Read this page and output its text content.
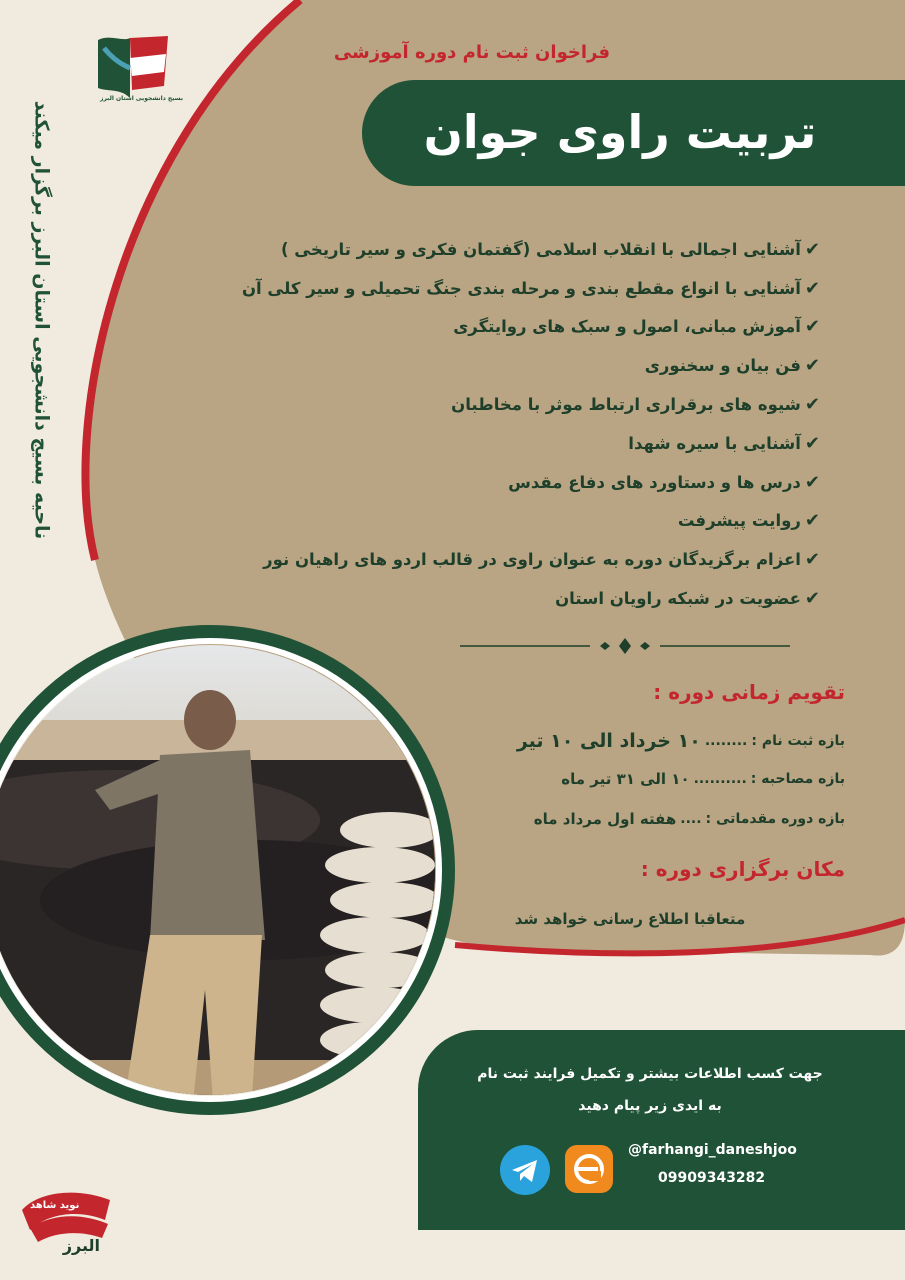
ناحیه بسیج دانشجویی استان البرز برگزار میکند
بسیج دانشجویی استان البرز
فراخوان ثبت نام دوره آموزشی
تربیت راوی جوان
✔
آشنایی اجمالی با انقلاب اسلامی (گفتمان فکری و سیر تاریخی )
✔
آشنایی با انواع مقطع بندی و مرحله بندی جنگ تحمیلی و سیر کلی آن
✔
آموزش مبانی، اصول و سبک های روایتگری
✔
فن بیان و سخنوری
✔
شیوه های برقراری ارتباط موثر با مخاطبان
✔
آشنایی با سیره شهدا
✔
درس ها و دستاورد های دفاع مقدس
✔
روایت پیشرفت
✔
اعزام برگزیدگان دوره به عنوان راوی در قالب اردو های راهیان نور
✔
عضویت در شبکه راویان استان
تقویم زمانی دوره :
بازه ثبت نام :
........
۱۰ خرداد الی ۱۰ تیر
بازه مصاحبه :
..........
۱۰ الی ۳۱ تیر ماه
بازه دوره مقدماتی :
....
هفته اول مرداد ماه
مکان برگزاری دوره :
متعاقبا اطلاع رسانی خواهد شد
جهت کسب اطلاعات بیشتر و تکمیل فرایند ثبت نام
به ایدی زیر پیام دهید
@farhangi_daneshjoo
09909343282
نوید شاهد
البرز
